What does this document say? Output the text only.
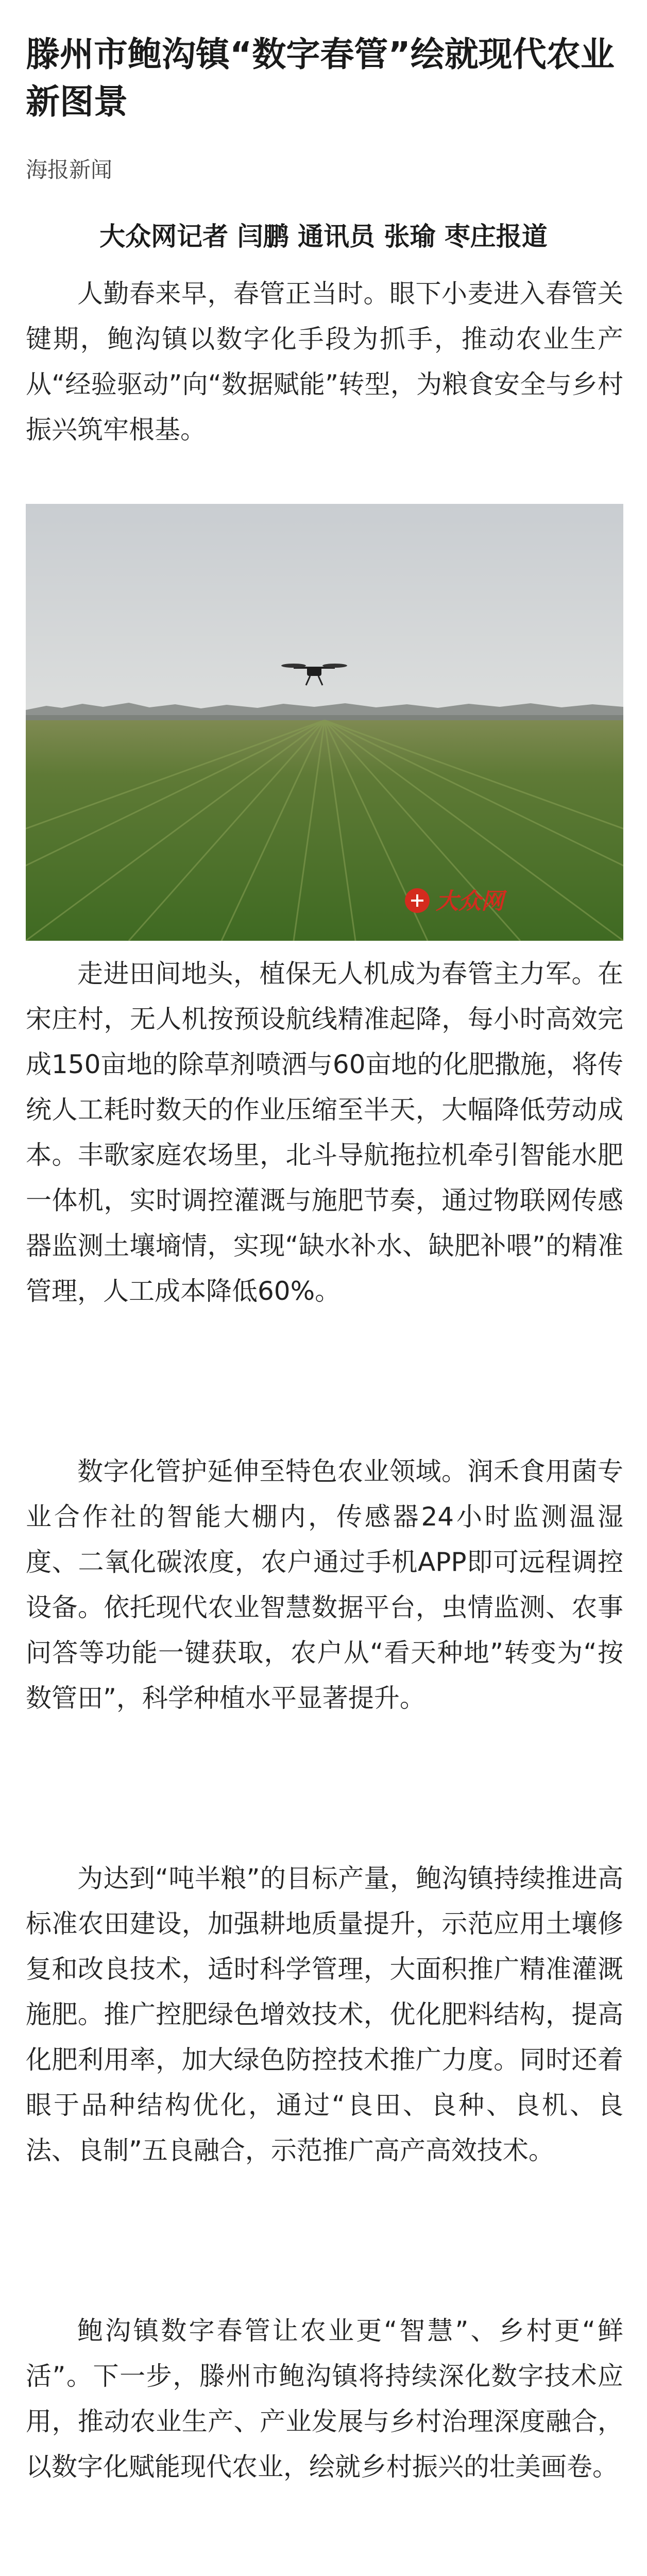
滕州市鲍沟镇“数字春管”绘就现代农业新图景
海报新闻
大众网记者 闫鹏 通讯员 张瑜 枣庄报道

人勤春来早，春管正当时。眼下小麦进入春管关键期，鲍沟镇以数字化手段为抓手，推动农业生产从“经验驱动”向“数据赋能”转型，为粮食安全与乡村振兴筑牢根基。

大众网

走进田间地头，植保无人机成为春管主力军。在宋庄村，无人机按预设航线精准起降，每小时高效完成150亩地的除草剂喷洒与60亩地的化肥撒施，将传统人工耗时数天的作业压缩至半天，大幅降低劳动成本。丰歌家庭农场里，北斗导航拖拉机牵引智能水肥一体机，实时调控灌溉与施肥节奏，通过物联网传感器监测土壤墒情，实现“缺水补水、缺肥补喂”的精准管理，人工成本降低60%。

数字化管护延伸至特色农业领域。润禾食用菌专业合作社的智能大棚内，传感器24小时监测温湿度、二氧化碳浓度，农户通过手机APP即可远程调控设备。依托现代农业智慧数据平台，虫情监测、农事问答等功能一键获取，农户从“看天种地”转变为“按数管田”，科学种植水平显著提升。

为达到“吨半粮”的目标产量，鲍沟镇持续推进高标准农田建设，加强耕地质量提升，示范应用土壤修复和改良技术，适时科学管理，大面积推广精准灌溉施肥。推广控肥绿色增效技术，优化肥料结构，提高化肥利用率，加大绿色防控技术推广力度。同时还着眼于品种结构优化，通过“良田、良种、良机、良法、良制”五良融合，示范推广高产高效技术。

鲍沟镇数字春管让农业更“智慧”、乡村更“鲜活”。下一步，滕州市鲍沟镇将持续深化数字技术应用，推动农业生产、产业发展与乡村治理深度融合，以数字化赋能现代农业，绘就乡村振兴的壮美画卷。
